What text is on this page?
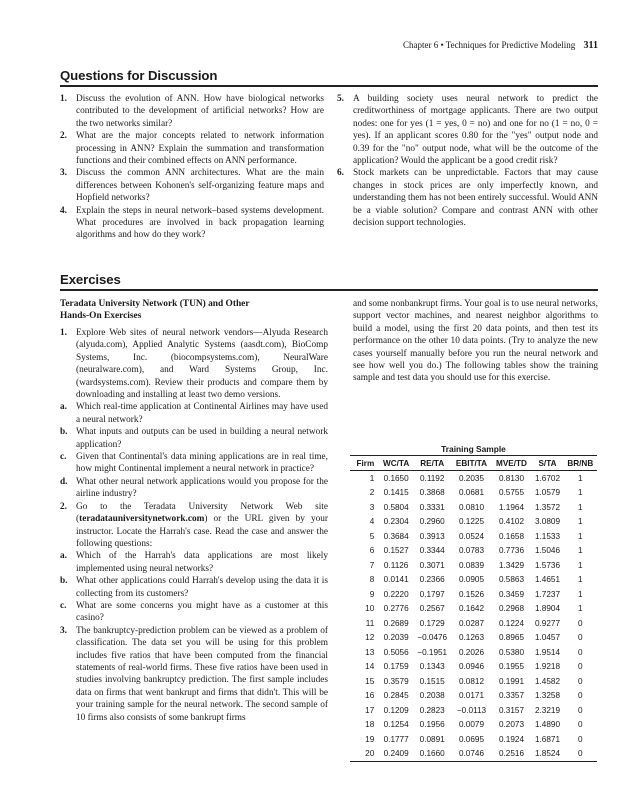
Chapter 6 • Techniques for Predictive Modeling 311
Questions for Discussion
1. Discuss the evolution of ANN. How have biological networks contributed to the development of artificial networks? How are the two networks similar?
2. What are the major concepts related to network information processing in ANN? Explain the summation and transformation functions and their combined effects on ANN performance.
3. Discuss the common ANN architectures. What are the main differences between Kohonen's self-organizing feature maps and Hopfield networks?
4. Explain the steps in neural network–based systems development. What procedures are involved in back propagation learning algorithms and how do they work?
5. A building society uses neural network to predict the creditworthiness of mortgage applicants. There are two output nodes: one for yes (1 = yes, 0 = no) and one for no (1 = no, 0 = yes). If an applicant scores 0.80 for the "yes" output node and 0.39 for the "no" output node, what will be the outcome of the application? Would the applicant be a good credit risk?
6. Stock markets can be unpredictable. Factors that may cause changes in stock prices are only imperfectly known, and understanding them has not been entirely successful. Would ANN be a viable solution? Compare and contrast ANN with other decision support technologies.
Exercises
Teradata University Network (TUN) and Other
Hands-On Exercises
1. Explore Web sites of neural network vendors—Alyuda Research (alyuda.com), Applied Analytic Systems (aasdt.com), BioComp Systems, Inc. (biocompsystems.com), NeuralWare (neuralware.com), and Ward Systems Group, Inc. (wardsystems.com). Review their products and compare them by downloading and installing at least two demo versions.
a. Which real-time application at Continental Airlines may have used a neural network?
b. What inputs and outputs can be used in building a neural network application?
c. Given that Continental's data mining applications are in real time, how might Continental implement a neural network in practice?
d. What other neural network applications would you propose for the airline industry?
2. Go to the Teradata University Network Web site (teradatauniversitynetwork.com) or the URL given by your instructor. Locate the Harrah's case. Read the case and answer the following questions:
a. Which of the Harrah's data applications are most likely implemented using neural networks?
b. What other applications could Harrah's develop using the data it is collecting from its customers?
c. What are some concerns you might have as a customer at this casino?
3. The bankruptcy-prediction problem can be viewed as a problem of classification. The data set you will be using for this problem includes five ratios that have been computed from the financial statements of real-world firms. These five ratios have been used in studies involving bankruptcy prediction. The first sample includes data on firms that went bankrupt and firms that didn't. This will be your training sample for the neural network. The second sample of 10 firms also consists of some bankrupt firms
and some nonbankrupt firms. Your goal is to use neural networks, support vector machines, and nearest neighbor algorithms to build a model, using the first 20 data points, and then test its performance on the other 10 data points. (Try to analyze the new cases yourself manually before you run the neural network and see how well you do.) The following tables show the training sample and test data you should use for this exercise.
Training Sample
Firm	WC/TA	RE/TA	EBIT/TA	MVE/TD	S/TA	BR/NB
1	0.1650	0.1192	0.2035	0.8130	1.6702	1
2	0.1415	0.3868	0.0681	0.5755	1.0579	1
3	0.5804	0.3331	0.0810	1.1964	1.3572	1
4	0.2304	0.2960	0.1225	0.4102	3.0809	1
5	0.3684	0.3913	0.0524	0.1658	1.1533	1
6	0.1527	0.3344	0.0783	0.7736	1.5046	1
7	0.1126	0.3071	0.0839	1.3429	1.5736	1
8	0.0141	0.2366	0.0905	0.5863	1.4651	1
9	0.2220	0.1797	0.1526	0.3459	1.7237	1
10	0.2776	0.2567	0.1642	0.2968	1.8904	1
11	0.2689	0.1729	0.0287	0.1224	0.9277	0
12	0.2039	−0.0476	0.1263	0.8965	1.0457	0
13	0.5056	−0.1951	0.2026	0.5380	1.9514	0
14	0.1759	0.1343	0.0946	0.1955	1.9218	0
15	0.3579	0.1515	0.0812	0.1991	1.4582	0
16	0.2845	0.2038	0.0171	0.3357	1.3258	0
17	0.1209	0.2823	−0.0113	0.3157	2.3219	0
18	0.1254	0.1956	0.0079	0.2073	1.4890	0
19	0.1777	0.0891	0.0695	0.1924	1.6871	0
20	0.2409	0.1660	0.0746	0.2516	1.8524	0
